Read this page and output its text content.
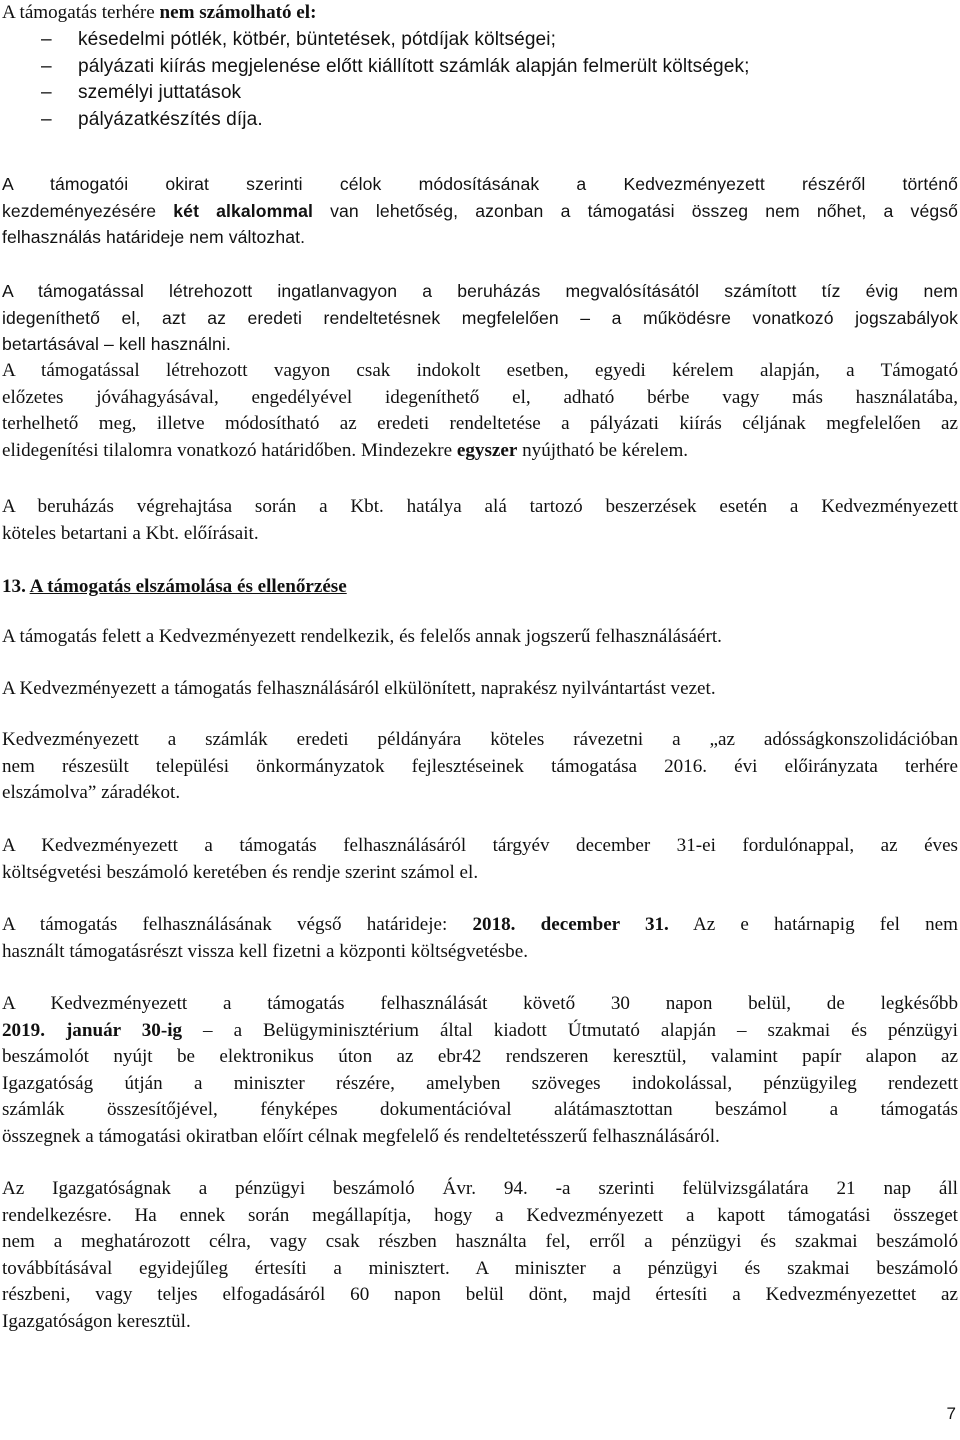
A támogatás terhére nem számolható el:
– késedelmi pótlék, kötbér, büntetések, pótdíjak költségei;
– pályázati kiírás megjelenése előtt kiállított számlák alapján felmerült költségek;
– személyi juttatások
– pályázatkészítés díja.
A támogatói okirat szerinti célok módosításának a Kedvezményezett részéről történő
kezdeményezésére két alkalommal van lehetőség, azonban a támogatási összeg nem nőhet, a végső
felhasználás határideje nem változhat.
A támogatással létrehozott ingatlanvagyon a beruházás megvalósításától számított tíz évig nem
idegeníthető el, azt az eredeti rendeltetésnek megfelelően – a működésre vonatkozó jogszabályok
betartásával – kell használni.
A támogatással létrehozott vagyon csak indokolt esetben, egyedi kérelem alapján, a Támogató
előzetes jóváhagyásával, engedélyével idegeníthető el, adható bérbe vagy más használatába,
terhelhető meg, illetve módosítható az eredeti rendeltetése a pályázati kiírás céljának megfelelően az
elidegenítési tilalomra vonatkozó határidőben. Mindezekre egyszer nyújtható be kérelem.
A beruházás végrehajtása során a Kbt. hatálya alá tartozó beszerzések esetén a Kedvezményezett
köteles betartani a Kbt. előírásait.
13. A támogatás elszámolása és ellenőrzése
A támogatás felett a Kedvezményezett rendelkezik, és felelős annak jogszerű felhasználásáért.
A Kedvezményezett a támogatás felhasználásáról elkülönített, naprakész nyilvántartást vezet.
Kedvezményezett a számlák eredeti példányára köteles rávezetni a „az adósságkonszolidációban
nem részesült települési önkormányzatok fejlesztéseinek támogatása 2016. évi előirányzata terhére
elszámolva” záradékot.
A Kedvezményezett a támogatás felhasználásáról tárgyév december 31-ei fordulónappal, az éves
költségvetési beszámoló keretében és rendje szerint számol el.
A támogatás felhasználásának végső határideje: 2018. december 31. Az e határnapig fel nem
használt támogatásrészt vissza kell fizetni a központi költségvetésbe.
A Kedvezményezett a támogatás felhasználását követő 30 napon belül, de legkésőbb
2019. január 30-ig – a Belügyminisztérium által kiadott Útmutató alapján – szakmai és pénzügyi
beszámolót nyújt be elektronikus úton az ebr42 rendszeren keresztül, valamint papír alapon az
Igazgatóság útján a miniszter részére, amelyben szöveges indokolással, pénzügyileg rendezett
számlák összesítőjével, fényképes dokumentációval alátámasztottan beszámol a támogatás
összegnek a támogatási okiratban előírt célnak megfelelő és rendeltetésszerű felhasználásáról.
Az Igazgatóságnak a pénzügyi beszámoló Ávr. 94. -a szerinti felülvizsgálatára 21 nap áll
rendelkezésre. Ha ennek során megállapítja, hogy a Kedvezményezett a kapott támogatási összeget
nem a meghatározott célra, vagy csak részben használta fel, erről a pénzügyi és szakmai beszámoló
továbbításával egyidejűleg értesíti a minisztert. A miniszter a pénzügyi és szakmai beszámoló
részbeni, vagy teljes elfogadásáról 60 napon belül dönt, majd értesíti a Kedvezményezettet az
Igazgatóságon keresztül.
7
